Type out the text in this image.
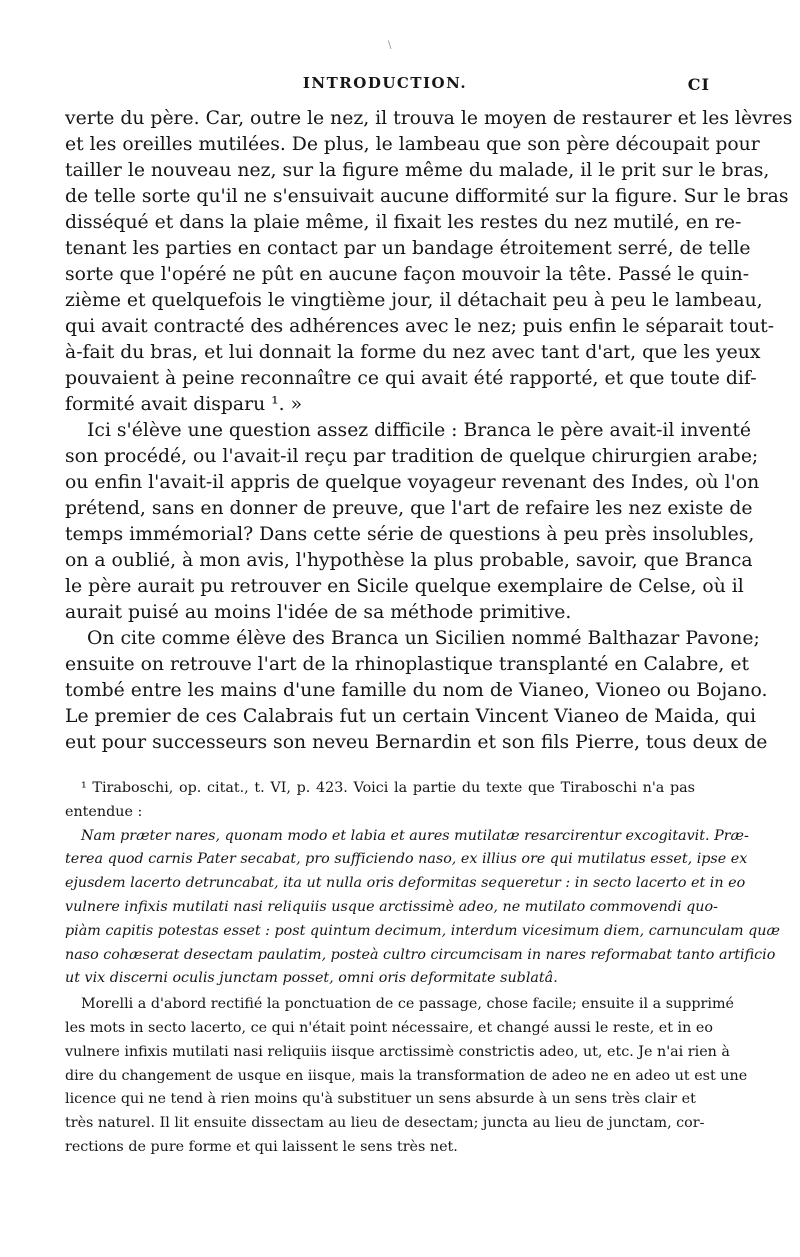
\
INTRODUCTION.	CI
verte du père. Car, outre le nez, il trouva le moyen de restaurer et les lèvres
et les oreilles mutilées. De plus, le lambeau que son père découpait pour
tailler le nouveau nez, sur la figure même du malade, il le prit sur le bras,
de telle sorte qu'il ne s'ensuivait aucune difformité sur la figure. Sur le bras
disséqué et dans la plaie même, il fixait les restes du nez mutilé, en re-
tenant les parties en contact par un bandage étroitement serré, de telle
sorte que l'opéré ne pût en aucune façon mouvoir la tête. Passé le quin-
zième et quelquefois le vingtième jour, il détachait peu à peu le lambeau,
qui avait contracté des adhérences avec le nez; puis enfin le séparait tout-
à-fait du bras, et lui donnait la forme du nez avec tant d'art, que les yeux
pouvaient à peine reconnaître ce qui avait été rapporté, et que toute dif-
formité avait disparu ¹. »
Ici s'élève une question assez difficile : Branca le père avait-il inventé
son procédé, ou l'avait-il reçu par tradition de quelque chirurgien arabe;
ou enfin l'avait-il appris de quelque voyageur revenant des Indes, où l'on
prétend, sans en donner de preuve, que l'art de refaire les nez existe de
temps immémorial? Dans cette série de questions à peu près insolubles,
on a oublié, à mon avis, l'hypothèse la plus probable, savoir, que Branca
le père aurait pu retrouver en Sicile quelque exemplaire de Celse, où il
aurait puisé au moins l'idée de sa méthode primitive.
On cite comme élève des Branca un Sicilien nommé Balthazar Pavone;
ensuite on retrouve l'art de la rhinoplastique transplanté en Calabre, et
tombé entre les mains d'une famille du nom de Vianeo, Vioneo ou Bojano.
Le premier de ces Calabrais fut un certain Vincent Vianeo de Maida, qui
eut pour successeurs son neveu Bernardin et son fils Pierre, tous deux de
¹ Tiraboschi, op. citat., t. VI, p. 423. Voici la partie du texte que Tiraboschi n'a pas
entendue :
Nam præter nares, quonam modo et labia et aures mutilatæ resarcirentur excogitavit. Præ-
terea quod carnis Pater secabat, pro sufficiendo naso, ex illius ore qui mutilatus esset, ipse ex
ejusdem lacerto detruncabat, ita ut nulla oris deformitas sequeretur : in secto lacerto et in eo
vulnere infixis mutilati nasi reliquiis usque arctissimè adeo, ne mutilato commovendi quo-
piàm capitis potestas esset : post quintum decimum, interdum vicesimum diem, carnunculam quæ
naso cohæserat desectam paulatim, posteà cultro circumcisam in nares reformabat tanto artificio
ut vix discerni oculis junctam posset, omni oris deformitate sublatâ.
Morelli a d'abord rectifié la ponctuation de ce passage, chose facile; ensuite il a supprimé
les mots in secto lacerto, ce qui n'était point nécessaire, et changé aussi le reste, et in eo
vulnere infixis mutilati nasi reliquiis iisque arctissimè constrictis adeo, ut, etc. Je n'ai rien à
dire du changement de usque en iisque, mais la transformation de adeo ne en adeo ut est une
licence qui ne tend à rien moins qu'à substituer un sens absurde à un sens très clair et
très naturel. Il lit ensuite dissectam au lieu de desectam; juncta au lieu de junctam, cor-
rections de pure forme et qui laissent le sens très net.
